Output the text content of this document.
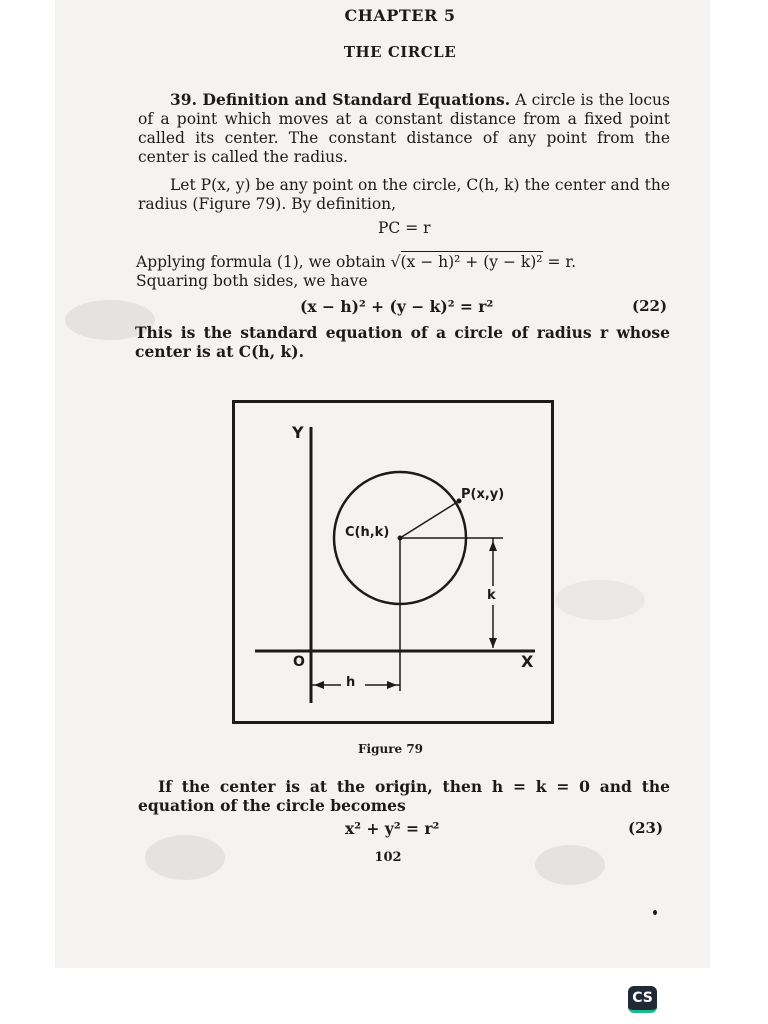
CHAPTER 5
THE CIRCLE
39. Definition and Standard Equations. A circle is the locus of a point which moves at a constant distance from a fixed point called its center. The constant distance of any point from the center is called the radius.
Let P(x, y) be any point on the circle, C(h, k) the center and the radius (Figure 79). By definition,
PC = r
Applying formula (1), we obtain √(x − h)² + (y − k)² = r.
Squaring both sides, we have
(x − h)² + (y − k)² = r²	(22)
This is the standard equation of a circle of radius r whose center is at C(h, k).
Y
X
O
P(x,y)
C(h,k)
h
k
Figure 79
If the center is at the origin, then h = k = 0 and the equation of the circle becomes
x² + y² = r²	(23)
102
CS
